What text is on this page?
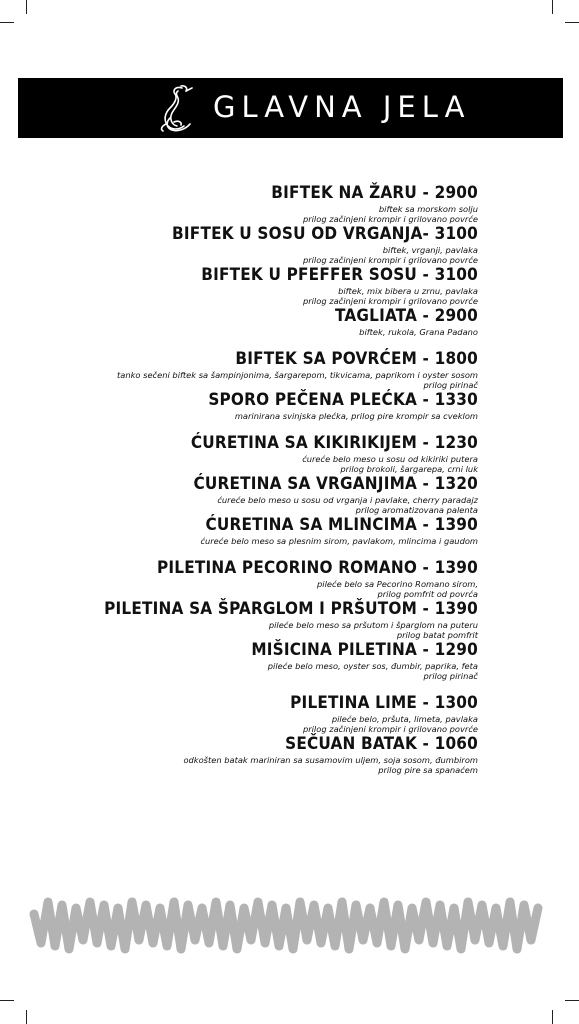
GLAVNA JELA
BIFTEK NA ŽARU - 2900
biftek sa morskom solju
prilog začinjeni krompir i grilovano povrće
BIFTEK U SOSU OD VRGANJA- 3100
biftek, vrganji, pavlaka
prilog začinjeni krompir i grilovano povrće
BIFTEK U PFEFFER SOSU - 3100
biftek, mix bibera u zrnu, pavlaka
prilog začinjeni krompir i grilovano povrće
TAGLIATA - 2900
biftek, rukola, Grana Padano
BIFTEK SA POVRĆEM - 1800
tanko sečeni biftek sa šampinjonima, šargarepom, tikvicama, paprikom i oyster sosom
prilog pirinač
SPORO PEČENA PLEĆKA - 1330
marinirana svinjska plećka, prilog pire krompir sa cveklom
ĆURETINA SA KIKIRIKIJEM - 1230
ćureće belo meso u sosu od kikiriki putera
prilog brokoli, šargarepa, crni luk
ĆURETINA SA VRGANJIMA - 1320
ćureće belo meso u sosu od vrganja i pavlake, cherry paradajz
prilog aromatizovana palenta
ĆURETINA SA MLINCIMA - 1390
ćureće belo meso sa plesnim sirom, pavlakom, mlincima i gaudom
PILETINA PECORINO ROMANO - 1390
pileće belo sa Pecorino Romano sirom,
prilog pomfrit od povrća
PILETINA SA ŠPARGLOM I PRŠUTOM - 1390
pileće belo meso sa pršutom i šparglom na puteru
prilog batat pomfrit
MIŠICINA PILETINA - 1290
pileće belo meso, oyster sos, đumbir, paprika, feta
prilog pirinač
PILETINA LIME - 1300
pileće belo, pršuta, limeta, pavlaka
prilog začinjeni krompir i grilovano povrće
SEČUAN BATAK - 1060
odkošten batak mariniran sa susamovim uljem, soja sosom, đumbirom
prilog pire sa spanaćem
